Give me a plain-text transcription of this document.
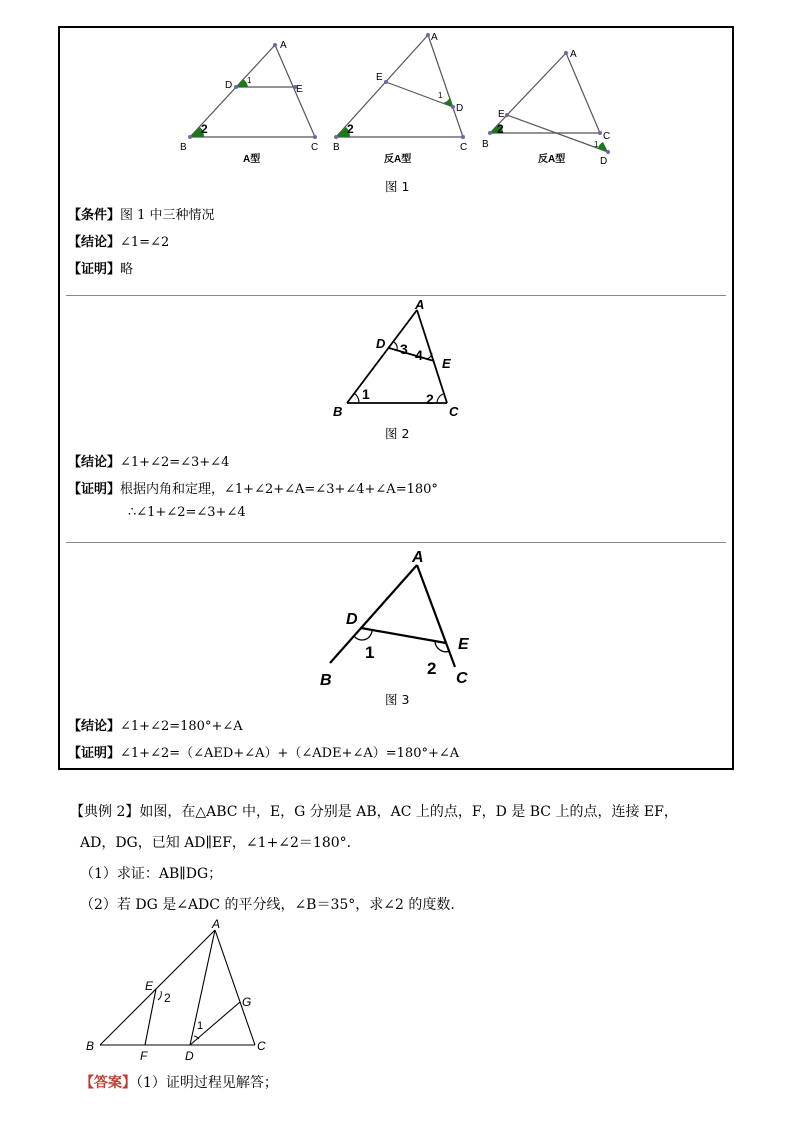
A
B	C
D	E
1
2
A型
A
B	C
D
E
1
2
反A型
A
B
C
D
E
1
2
反A型
图 1
【条件】图 1 中三种情况
【结论】∠1=∠2
【证明】略
A
B	C
D
E
1	2
3 4
图 2
【结论】∠1+∠2=∠3+∠4
【证明】根据内角和定理，∠1+∠2+∠A=∠3+∠4+∠A=180°
∴∠1+∠2=∠3+∠4
A
B	C
D
E
1
2
图 3
【结论】∠1+∠2=180°+∠A
【证明】∠1+∠2=（∠AED+∠A）+（∠ADE+∠A）=180°+∠A
【典例 2】如图，在△ABC 中，E，G 分别是 AB，AC 上的点，F，D 是 BC 上的点，连接 EF，
AD，DG，已知 AD∥EF，∠1+∠2＝180°．
（1）求证：AB∥DG；
（2）若 DG 是∠ADC 的平分线，∠B＝35°，求∠2 的度数.
A
B	C
D
E
F
G
1
2
【答案】（1）证明过程见解答；
